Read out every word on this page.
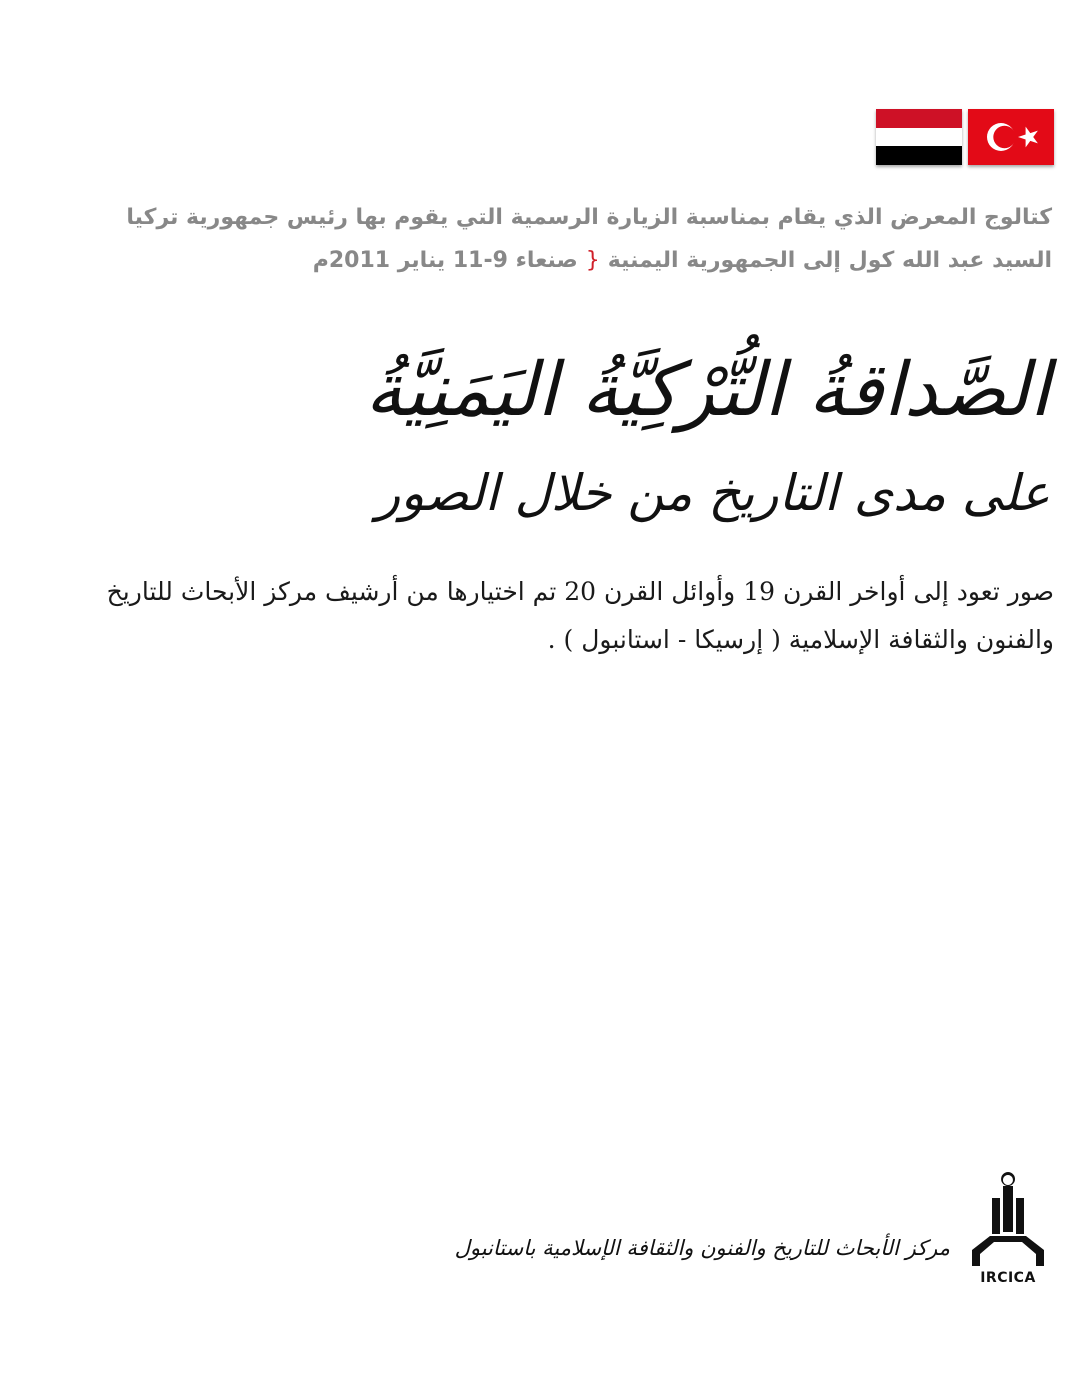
كتالوج المعرض الذي يقام بمناسبة الزيارة الرسمية التي يقوم بها رئيس جمهورية تركيا
السيد عبد الله كول إلى الجمهورية اليمنية{صنعاء 9-11 يناير 2011م
الصَّداقةُ التُّرْكِيَّةُ اليَمَنِيَّةُ
على مدى التاريخ من خلال الصور
صور تعود إلى أواخر القرن 19 وأوائل القرن 20 تم اختيارها من أرشيف مركز الأبحاث للتاريخ
والفنون والثقافة الإسلامية ( إرسيكا - استانبول ) .
مركز الأبحاث للتاريخ والفنون والثقافة الإسلامية باستانبول
IRCICA
